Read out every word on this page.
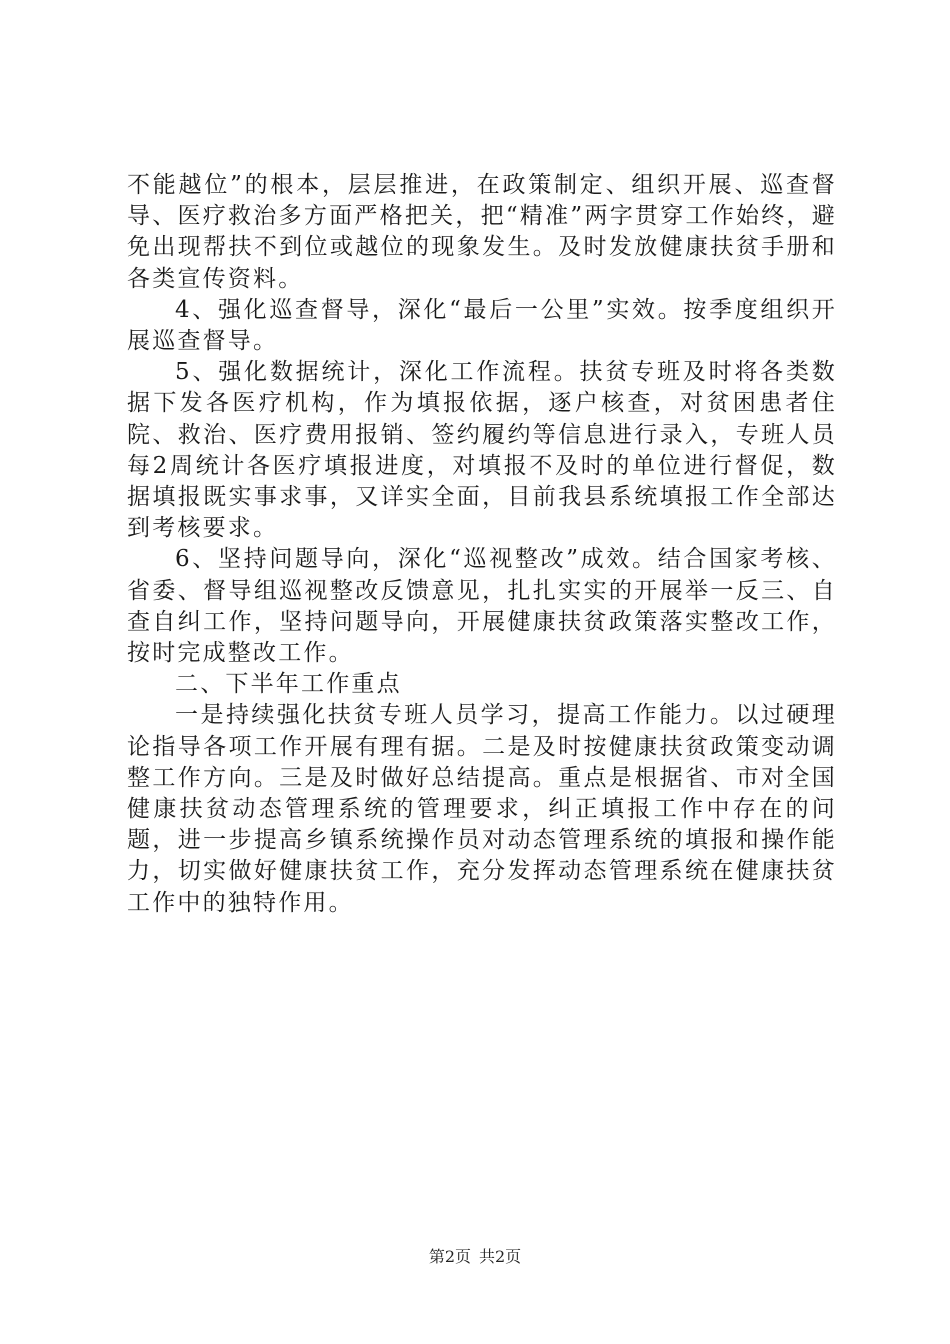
不能越位”的根本，层层推进，在政策制定、组织开展、巡查督导、医疗救治多方面严格把关，把“精准”两字贯穿工作始终，避免出现帮扶不到位或越位的现象发生。及时发放健康扶贫手册和各类宣传资料。

4、强化巡查督导，深化“最后一公里”实效。按季度组织开展巡查督导。

5、强化数据统计，深化工作流程。扶贫专班及时将各类数据下发各医疗机构，作为填报依据，逐户核查，对贫困患者住院、救治、医疗费用报销、签约履约等信息进行录入，专班人员每2周统计各医疗填报进度，对填报不及时的单位进行督促，数据填报既实事求事，又详实全面，目前我县系统填报工作全部达到考核要求。

6、坚持问题导向，深化“巡视整改”成效。结合国家考核、省委、督导组巡视整改反馈意见，扎扎实实的开展举一反三、自查自纠工作，坚持问题导向，开展健康扶贫政策落实整改工作，按时完成整改工作。

二、下半年工作重点

一是持续强化扶贫专班人员学习，提高工作能力。以过硬理论指导各项工作开展有理有据。二是及时按健康扶贫政策变动调整工作方向。三是及时做好总结提高。重点是根据省、市对全国健康扶贫动态管理系统的管理要求，纠正填报工作中存在的问题，进一步提高乡镇系统操作员对动态管理系统的填报和操作能力，切实做好健康扶贫工作，充分发挥动态管理系统在健康扶贫工作中的独特作用。

第2页 共2页
